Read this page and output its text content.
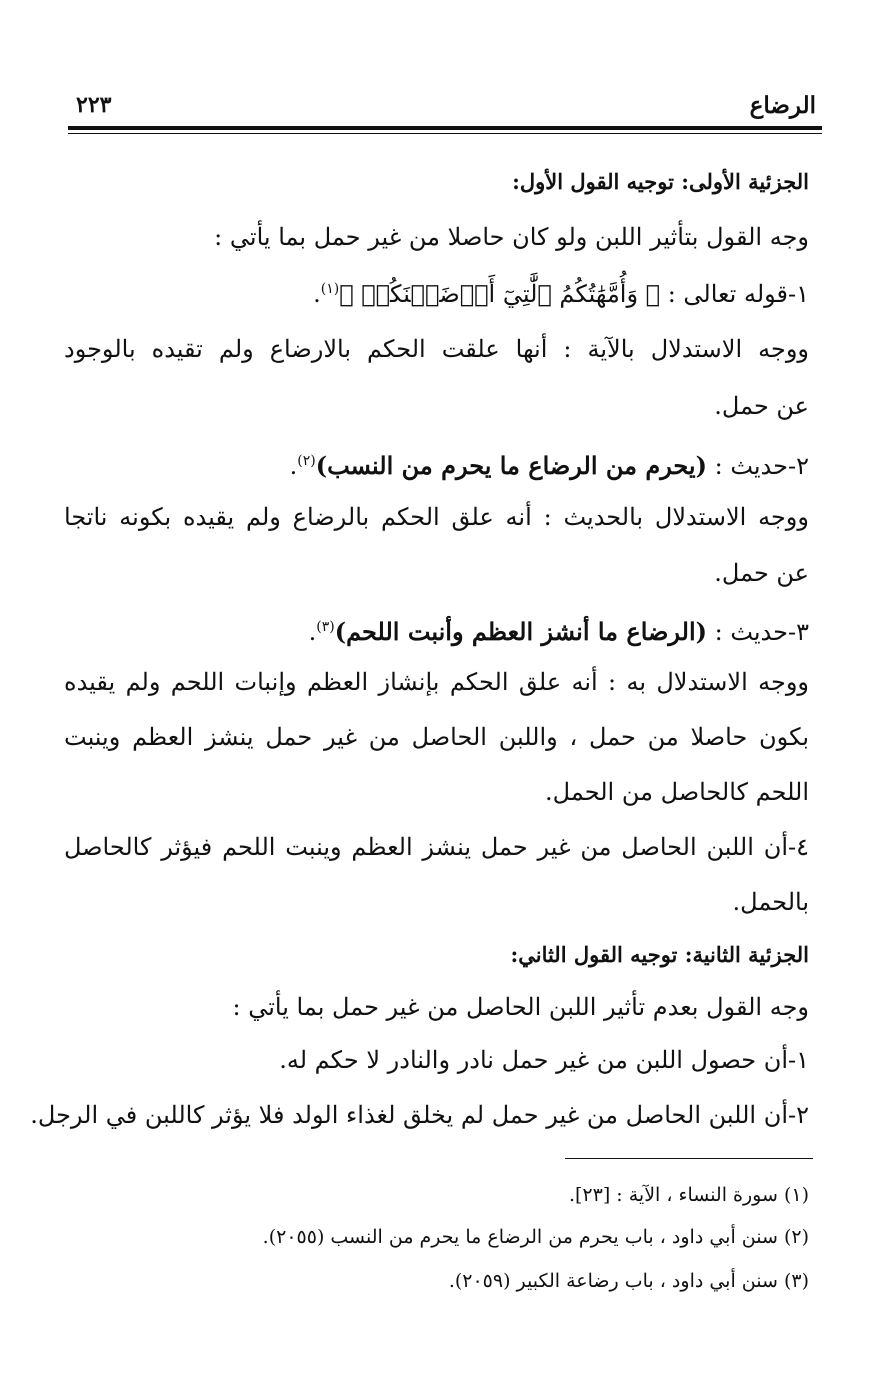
الرضاع
٢٢٣
الجزئية الأولى: توجيه القول الأول:
وجه القول بتأثير اللبن ولو كان حاصلا من غير حمل بما يأتي :
١-قوله تعالى : ﴿ وَأُمَّهَٰتُكُمُ ٱلَّٰتِيٓ أَرۡضَعۡنَكُمۡ ﴾$^{(١)}$.
ووجه الاستدلال بالآية : أنها علقت الحكم بالارضاع ولم تقيده بالوجود
عن حمل.
٢-حديث : (يحرم من الرضاع ما يحرم من النسب)$^{(٢)}$.
ووجه الاستدلال بالحديث : أنه علق الحكم بالرضاع ولم يقيده بكونه ناتجا
عن حمل.
٣-حديث : (الرضاع ما أنشز العظم وأنبت اللحم)$^{(٣)}$.
ووجه الاستدلال به : أنه علق الحكم بإنشاز العظم وإنبات اللحم ولم يقيده
بكون حاصلا من حمل ، واللبن الحاصل من غير حمل ينشز العظم وينبت
اللحم كالحاصل من الحمل.
٤-أن اللبن الحاصل من غير حمل ينشز العظم وينبت اللحم فيؤثر كالحاصل
بالحمل.
الجزئية الثانية: توجيه القول الثاني:
وجه القول بعدم تأثير اللبن الحاصل من غير حمل بما يأتي :
١-أن حصول اللبن من غير حمل نادر والنادر لا حكم له.
٢-أن اللبن الحاصل من غير حمل لم يخلق لغذاء الولد فلا يؤثر كاللبن في الرجل.
(١) سورة النساء ، الآية : [٢٣].
(٢) سنن أبي داود ، باب يحرم من الرضاع ما يحرم من النسب (٢٠٥٥).
(٣) سنن أبي داود ، باب رضاعة الكبير (٢٠٥٩).
